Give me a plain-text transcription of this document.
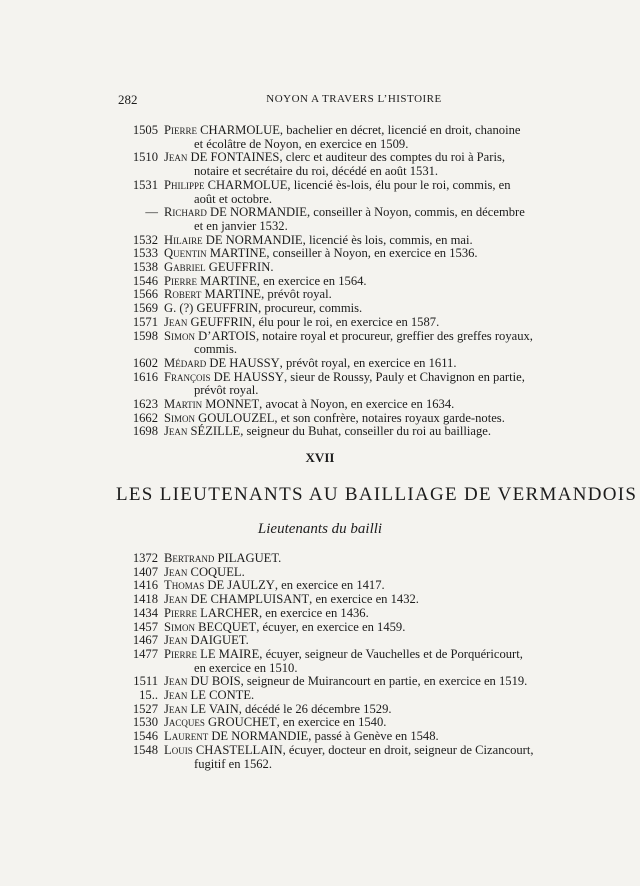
282	NOYON A TRAVERS L’HISTOIRE
1505 Pierre CHARMOLUE, bachelier en décret, licencié en droit, chanoine
et écolâtre de Noyon, en exercice en 1509.
1510 Jean DE FONTAINES, clerc et auditeur des comptes du roi à Paris,
notaire et secrétaire du roi, décédé en août 1531.
1531 Philippe CHARMOLUE, licencié ès-lois, élu pour le roi, commis, en
août et octobre.
— Richard DE NORMANDIE, conseiller à Noyon, commis, en décembre
et en janvier 1532.
1532 Hilaire DE NORMANDIE, licencié ès lois, commis, en mai.
1533 Quentin MARTINE, conseiller à Noyon, en exercice en 1536.
1538 Gabriel GEUFFRIN.
1546 Pierre MARTINE, en exercice en 1564.
1566 Robert MARTINE, prévôt royal.
1569 G. (?) GEUFFRIN, procureur, commis.
1571 Jean GEUFFRIN, élu pour le roi, en exercice en 1587.
1598 Simon D’ARTOIS, notaire royal et procureur, greffier des greffes royaux,
commis.
1602 Médard DE HAUSSY, prévôt royal, en exercice en 1611.
1616 François DE HAUSSY, sieur de Roussy, Pauly et Chavignon en partie,
prévôt royal.
1623 Martin MONNET, avocat à Noyon, en exercice en 1634.
1662 Simon GOULOUZEL, et son confrère, notaires royaux garde-notes.
1698 Jean SÉZILLE, seigneur du Buhat, conseiller du roi au bailliage.
XVII
LES LIEUTENANTS AU BAILLIAGE DE VERMANDOIS
Lieutenants du bailli
1372 Bertrand PILAGUET.
1407 Jean COQUEL.
1416 Thomas DE JAULZY, en exercice en 1417.
1418 Jean DE CHAMPLUISANT, en exercice en 1432.
1434 Pierre LARCHER, en exercice en 1436.
1457 Simon BECQUET, écuyer, en exercice en 1459.
1467 Jean DAIGUET.
1477 Pierre LE MAIRE, écuyer, seigneur de Vauchelles et de Porquéricourt,
en exercice en 1510.
1511 Jean DU BOIS, seigneur de Muirancourt en partie, en exercice en 1519.
15.. Jean LE CONTE.
1527 Jean LE VAIN, décédé le 26 décembre 1529.
1530 Jacques GROUCHET, en exercice en 1540.
1546 Laurent DE NORMANDIE, passé à Genève en 1548.
1548 Louis CHASTELLAIN, écuyer, docteur en droit, seigneur de Cizancourt,
fugitif en 1562.
